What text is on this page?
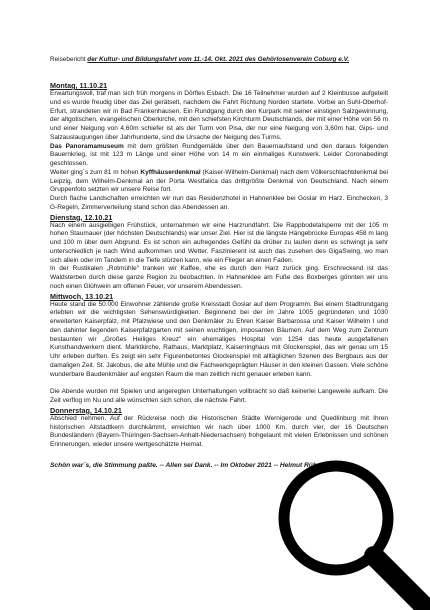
Reisebericht der Kultur- und Bildungsfahrt vom 11.-14. Okt. 2021 des Gehörlosenverein Coburg e.V.
Montag, 11.10.21

Erwartungsvoll, traf man sich früh morgens in Dörfles Esbach. Die 16 Teilnehmer wurden auf 2 Kleinbusse aufgeteilt und es wurde freudig über das Ziel gerätselt, nachdem die Fahrt Richtung Norden startete. Vorbei an Suhl-Oberhof-Erfurt, strandeten wir in Bad Frankenhausen. Ein Rundgang durch den Kurpark mit seiner einstigen Salzgewinnung, der altgotischen, evangelischen Oberkirche, mit den schiefsten Kirchturm Deutschlands, der mit einer Höhe von 56 m und einer Neigung von 4,60m schiefer ist als der Turm von Pisa, der nur eine Neigung von 3,60m hat. Gips- und Salzauslaugungen über Jahrhunderte, sind die Ursache der Neigung des Turms.

Das Panoramamuseum mit dem größten Rundgemälde über den Bauernaufstand und den daraus folgenden Bauernkrieg, ist mit 123 m Länge und einer Höhe von 14 m ein einmaliges Kunstwerk. Leider Coronabedingt geschlossen.

Weiter ging`s zum 81 m hohen Kyffhäuserdenkmal (Kaiser-Wilhelm-Denkmal) nach dem Völkerschlachtdenkmal bei Leipzig, dem Wilhelm-Denkmal an der Porta Westfalica das drittgrößte Denkmal von Deutschland. Nach einem Gruppenfoto setzten wir unsere Reise fort.

Durch flache Landschaften erreichten wir nun das Residenzhotel in Hahnenklee bei Goslar im Harz. Einchecken, 3 G-Regeln, Zimmerverteilung stand schon das Abendessen an.

Dienstag, 12.10.21

Nach einem ausgiebigen Frühstück, unternahmen wir eine Harzrundfahrt. Die Rappbodetalsperre mit der 105 m hohen Staumauer (der höchsten Deutschlands) war unser Ziel. Hier ist die längste Hängebrücke Europas 458 m lang und 100 m über dem Abgrund. Es ist schon ein aufregendes Gefühl da drüber zu laufen denn es schwingt ja sehr unterschiedlich je nach Wind aufkommen und Wetter. Faszinierent ist auch das zusehen des GigaSwing, wo man sich allein oder im Tandem in die Tiefe stürzen kann, wie ein Flieger an einen Faden.

In der Rustikalen „Rotmühle" tranken wir Kaffee, ehe es durch den Harz zurück ging. Erschreckend ist das Waldsterben durch diese ganze Region zu beobachten. In Hahnenklee am Fuße des Boxberges gönnten wir uns noch einen Glühwein am offenen Feuer, vor unserem Abendessen.

Mittwoch, 13.10.21

Heute stand die 50.000 Einwohner zählende große Kreisstadt Goslar auf dem Programm. Bei einem Stadtrundgang erlebten wir die wichtigsten Sehenswürdigkeiten. Beginnend bei der im Jahre 1005 gegründeten und 1030 erweiterten Kaiserpfalz, mit Pfalzwiese und den Denkmäler zu Ehren Kaiser Barbarossa und Kaiser Wilhelm I und den dahinter liegenden Kaiserpfalzgarten mit seinen wuchtigen, imposanten Bäumen. Auf dem Weg zum Zentrum bestaunten wir „Großes Heiliges Kreuz" ein ehemaliges Hospital von 1254 das heute ausgefallenen Kunsthandwerkern dient. Marktkirche, Rathaus, Marktplatz, Kaiserringhaus mit Glockenspiel, das wir genau um 15 Uhr erleben durften. Es zeigt ein sehr Figurenbetontes Glockenspiel mit alltäglichen Szenen des Bergbaus aus der damaligen Zeit. St. Jakobus, die alte Mühle und die Fachwerkgeprägten Häuser in den kleinen Gassen. Viele schöne wunderbare Baudenkmäler auf engsten Raum die man zeitlich nicht genauer erleben kann.

Die Abende wurden mit Spielen und angeregten Unterhaltungen vollbracht so daß keinerlei Langeweile aufkam. Die Zeit verflog im Nu und alle wünschten sich schon, die nächste Fahrt.

Donnerstag, 14.10.21

Abschied nehmen. Auf der Rückreise noch die Historischen Städte Wernigerode und Quedlinburg mit Ihren historischen Altstadtkern durchkämmt, erreichten wir nach über 1000 Km, durch vier, der 16 Deutschen Bundesländern (Bayern-Thüringen-Sachsen-Anhalt-Niedersachsen) frohgelaunt mit vielen Erlebnissen und schönen Erinnerungen, wieder unsere wertgeschätzte Heimat.

Schön war`s, die Stimmung paßte. -- Allen sei Dank. -- Im Oktober 2021 -- Helmut Rühr
